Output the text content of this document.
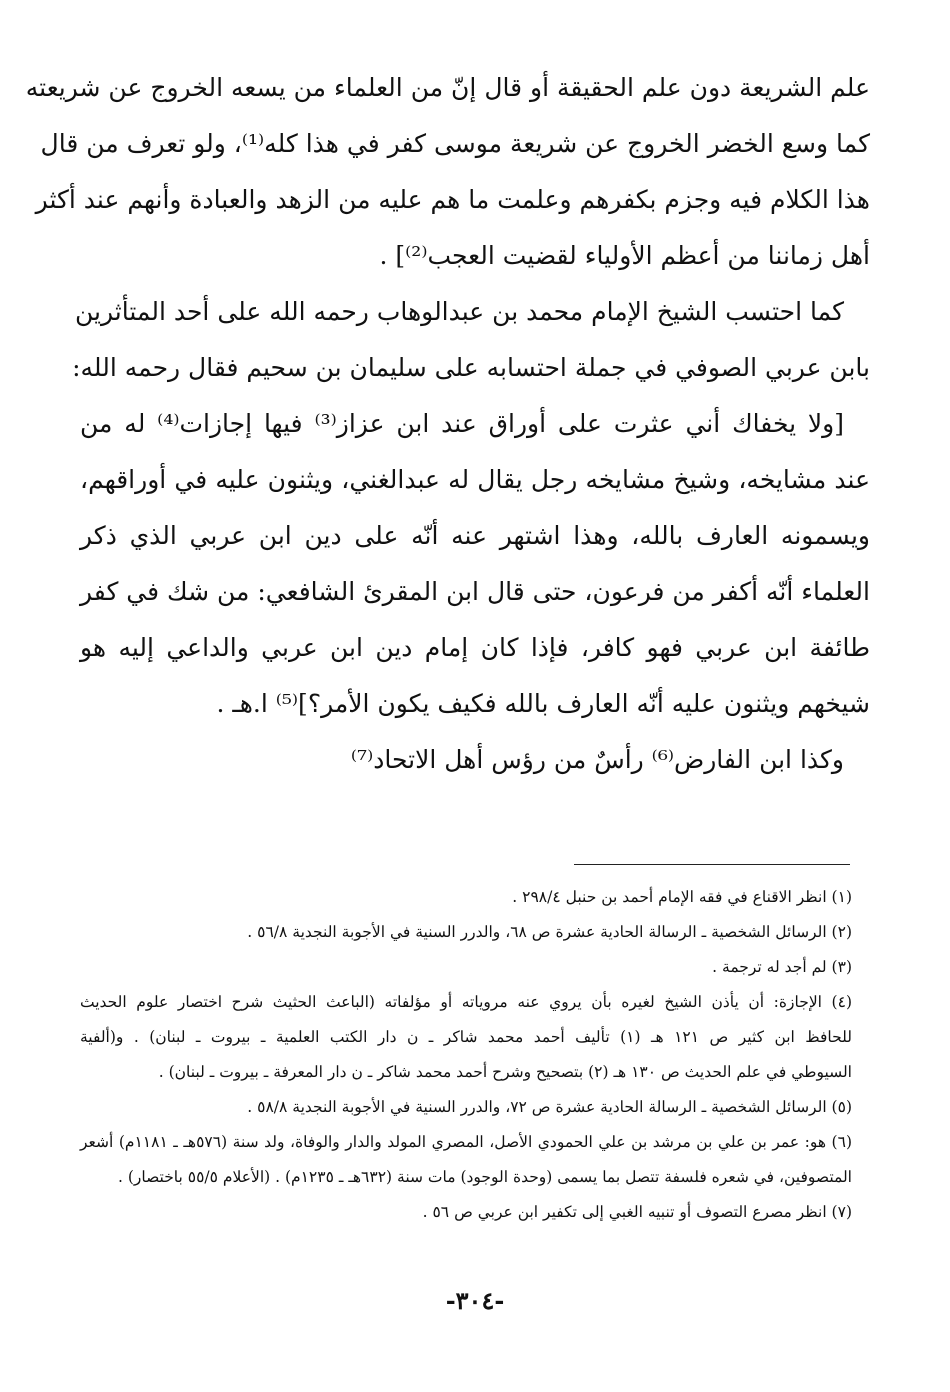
علم الشريعة دون علم الحقيقة أو قال إنّ من العلماء من يسعه الخروج عن شريعته
كما وسع الخضر الخروج عن شريعة موسى كفر في هذا كله⁽¹⁾، ولو تعرف من قال
هذا الكلام فيه وجزم بكفرهم وعلمت ما هم عليه من الزهد والعبادة وأنهم عند أكثر
أهل زماننا من أعظم الأولياء لقضيت العجب⁽²⁾] .
كما احتسب الشيخ الإمام محمد بن عبدالوهاب رحمه الله على أحد المتأثرين
بابن عربي الصوفي في جملة احتسابه على سليمان بن سحيم فقال رحمه الله:
[ولا يخفاك أني عثرت على أوراق عند ابن عزاز⁽³⁾ فيها إجازات⁽⁴⁾ له من
عند مشايخه، وشيخ مشايخه رجل يقال له عبدالغني، ويثنون عليه في أوراقهم،
ويسمونه العارف بالله، وهذا اشتهر عنه أنّه على دين ابن عربي الذي ذكر
العلماء أنّه أكفر من فرعون، حتى قال ابن المقرئ الشافعي: من شك في كفر
طائفة ابن عربي فهو كافر، فإذا كان إمام دين ابن عربي والداعي إليه هو
شيخهم ويثنون عليه أنّه العارف بالله فكيف يكون الأمر؟]⁽⁵⁾ ا.هـ .
وكذا ابن الفارض⁽⁶⁾ رأسٌ من رؤس أهل الاتحاد⁽⁷⁾
(١) انظر الاقناع في فقه الإمام أحمد بن حنبل ٢٩٨/٤ .
(٢) الرسائل الشخصية ـ الرسالة الحادية عشرة ص ٦٨، والدرر السنية في الأجوبة النجدية ٥٦/٨ .
(٣) لم أجد له ترجمة .
(٤) الإجازة: أن يأذن الشيخ لغيره بأن يروي عنه مروياته أو مؤلفاته (الباعث الحثيث شرح اختصار علوم الحديث
للحافظ ابن كثير ص ١٢١ هـ (١) تأليف أحمد محمد شاكر ـ ن دار الكتب العلمية ـ بيروت ـ لبنان) . و(ألفية
السيوطي في علم الحديث ص ١٣٠ هـ (٢) بتصحيح وشرح أحمد محمد شاكر ـ ن دار المعرفة ـ بيروت ـ لبنان) .
(٥) الرسائل الشخصية ـ الرسالة الحادية عشرة ص ٧٢، والدرر السنية في الأجوبة النجدية ٥٨/٨ .
(٦) هو: عمر بن علي بن مرشد بن علي الحمودي الأصل، المصري المولد والدار والوفاة، ولد سنة (٥٧٦هـ ـ ١١٨١م) أشعر
المتصوفين، في شعره فلسفة تتصل بما يسمى (وحدة الوجود) مات سنة (٦٣٢هـ ـ ١٢٣٥م) . (الأعلام ٥٥/٥ باختصار) .
(٧) انظر مصرع التصوف أو تنبيه الغبي إلى تكفير ابن عربي ص ٥٦ .
-٣٠٤-
